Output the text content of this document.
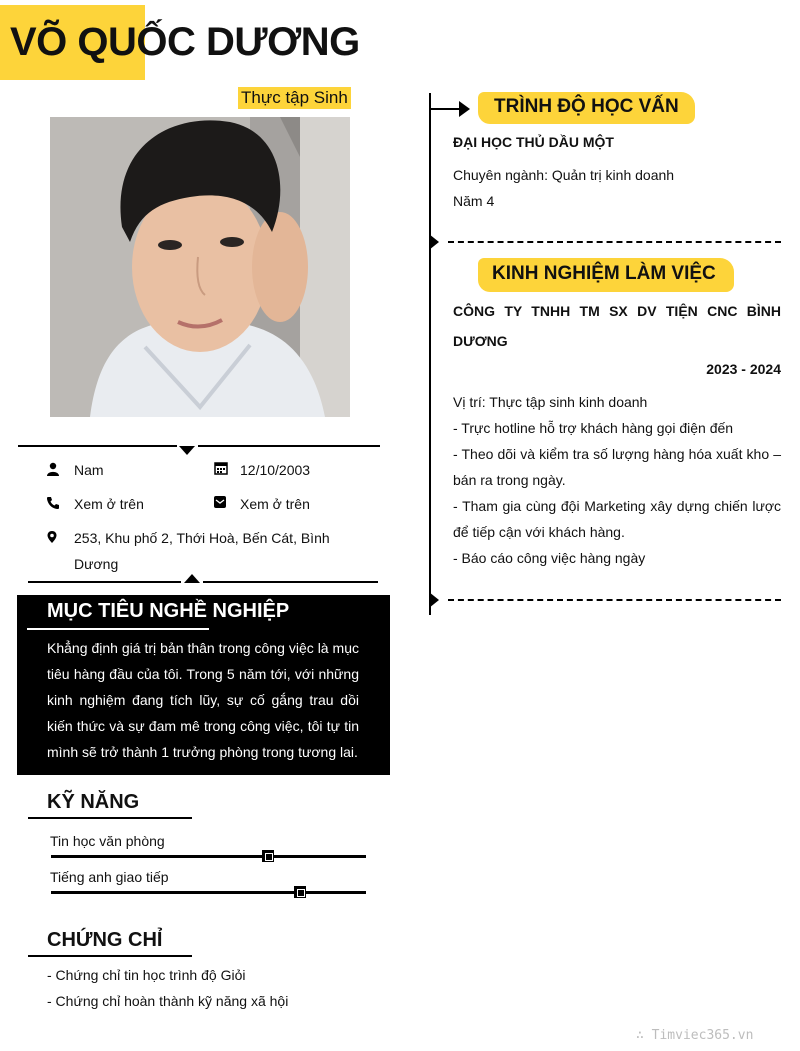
VÕ QUỐC DƯƠNG
Thực tập Sinh
Nam	12/10/2003
Xem ở trên	Xem ở trên
253, Khu phố 2, Thới Hoà, Bến Cát, Bình Dương
MỤC TIÊU NGHỀ NGHIỆP
Khẳng định giá trị bản thân trong công việc là mục tiêu hàng đầu của tôi. Trong 5 năm tới, với những kinh nghiệm đang tích lũy, sự cố gắng trau dồi kiến thức và sự đam mê trong công việc, tôi tự tin mình sẽ trở thành 1 trưởng phòng trong tương lai.
KỸ NĂNG
Tin học văn phòng
Tiếng anh giao tiếp
CHỨNG CHỈ
- Chứng chỉ tin học trình độ Giỏi
- Chứng chỉ hoàn thành kỹ năng xã hội
TRÌNH ĐỘ HỌC VẤN
ĐẠI HỌC THỦ DẦU MỘT
Chuyên ngành: Quản trị kinh doanh
Năm 4
KINH NGHIỆM LÀM VIỆC
CÔNG TY TNHH TM SX DV TIỆN CNC BÌNH DƯƠNG
2023 - 2024
Vị trí: Thực tập sinh kinh doanh
- Trực hotline hỗ trợ khách hàng gọi điện đến
- Theo dõi và kiểm tra số lượng hàng hóa xuất kho – bán ra trong ngày.
- Tham gia cùng đội Marketing xây dựng chiến lược để tiếp cận với khách hàng.
- Báo cáo công việc hàng ngày
∴ Timviec365.vn
